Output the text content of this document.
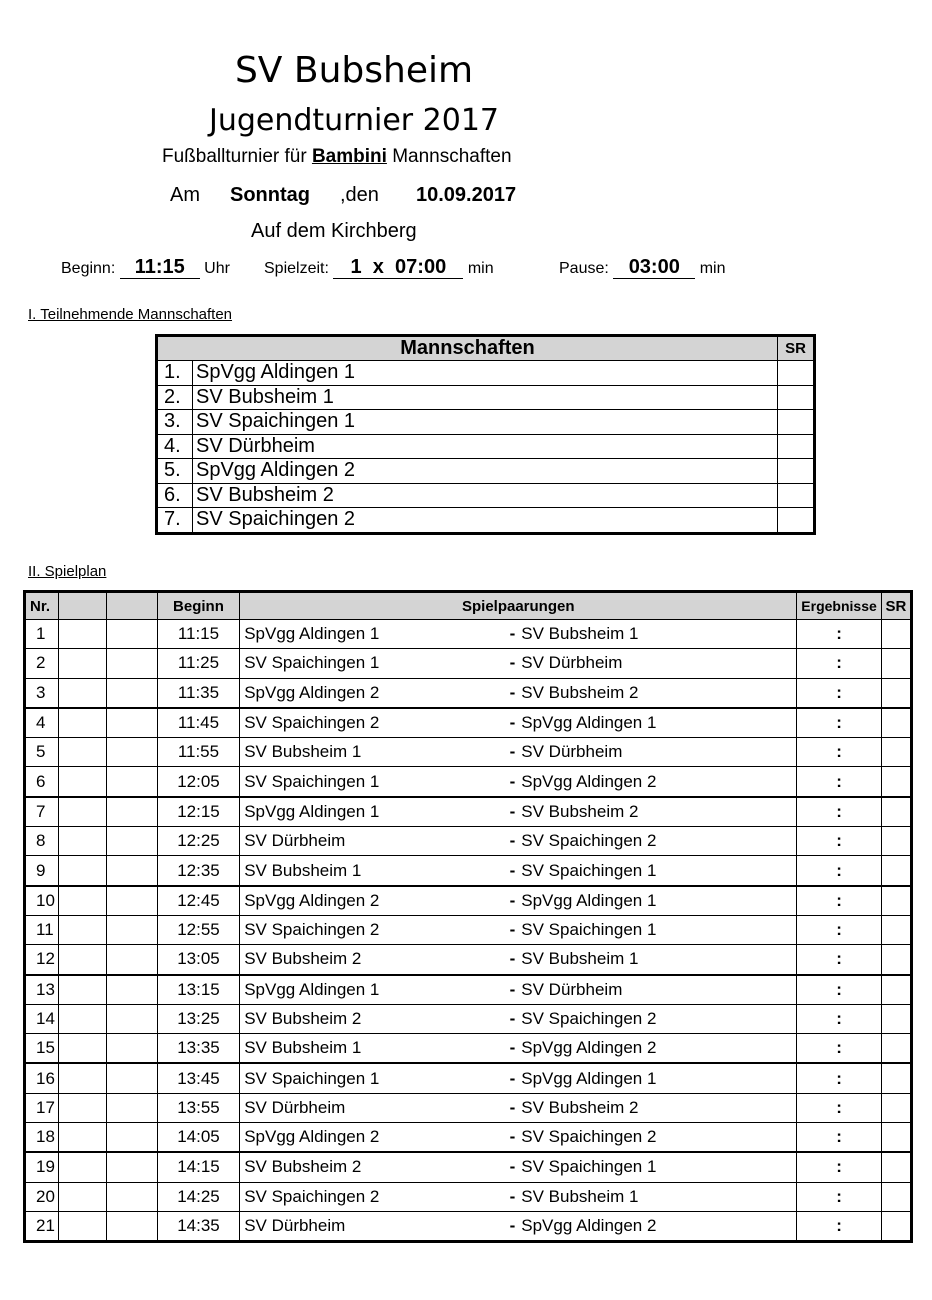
SV Bubsheim
Jugendturnier 2017
Fußballturnier für Bambini Mannschaften
Am Sonntag ,den 10.09.2017
Auf dem Kirchberg
Beginn: 11:15 Uhr Spielzeit: 1 x 07:00 min	Pause: 03:00 min
I. Teilnehmende Mannschaften
Mannschaften		SR
1.	SpVgg Aldingen 1	
2.	SV Bubsheim 1	
3.	SV Spaichingen 1	
4.	SV Dürbheim	
5.	SpVgg Aldingen 2	
6.	SV Bubsheim 2	
7.	SV Spaichingen 2	
II. Spielplan
Nr.			Beginn	Spielpaarungen			Ergebnisse	SR
1			11:15	SpVgg Aldingen 1	-	SV Bubsheim 1	:	
2			11:25	SV Spaichingen 1	-	SV Dürbheim	:	
3			11:35	SpVgg Aldingen 2	-	SV Bubsheim 2	:	
4			11:45	SV Spaichingen 2	-	SpVgg Aldingen 1	:	
5			11:55	SV Bubsheim 1	-	SV Dürbheim	:	
6			12:05	SV Spaichingen 1	-	SpVgg Aldingen 2	:	
7			12:15	SpVgg Aldingen 1	-	SV Bubsheim 2	:	
8			12:25	SV Dürbheim	-	SV Spaichingen 2	:	
9			12:35	SV Bubsheim 1	-	SV Spaichingen 1	:	
10			12:45	SpVgg Aldingen 2	-	SpVgg Aldingen 1	:	
11			12:55	SV Spaichingen 2	-	SV Spaichingen 1	:	
12			13:05	SV Bubsheim 2	-	SV Bubsheim 1	:	
13			13:15	SpVgg Aldingen 1	-	SV Dürbheim	:	
14			13:25	SV Bubsheim 2	-	SV Spaichingen 2	:	
15			13:35	SV Bubsheim 1	-	SpVgg Aldingen 2	:	
16			13:45	SV Spaichingen 1	-	SpVgg Aldingen 1	:	
17			13:55	SV Dürbheim	-	SV Bubsheim 2	:	
18			14:05	SpVgg Aldingen 2	-	SV Spaichingen 2	:	
19			14:15	SV Bubsheim 2	-	SV Spaichingen 1	:	
20			14:25	SV Spaichingen 2	-	SV Bubsheim 1	:	
21			14:35	SV Dürbheim	-	SpVgg Aldingen 2	:	
